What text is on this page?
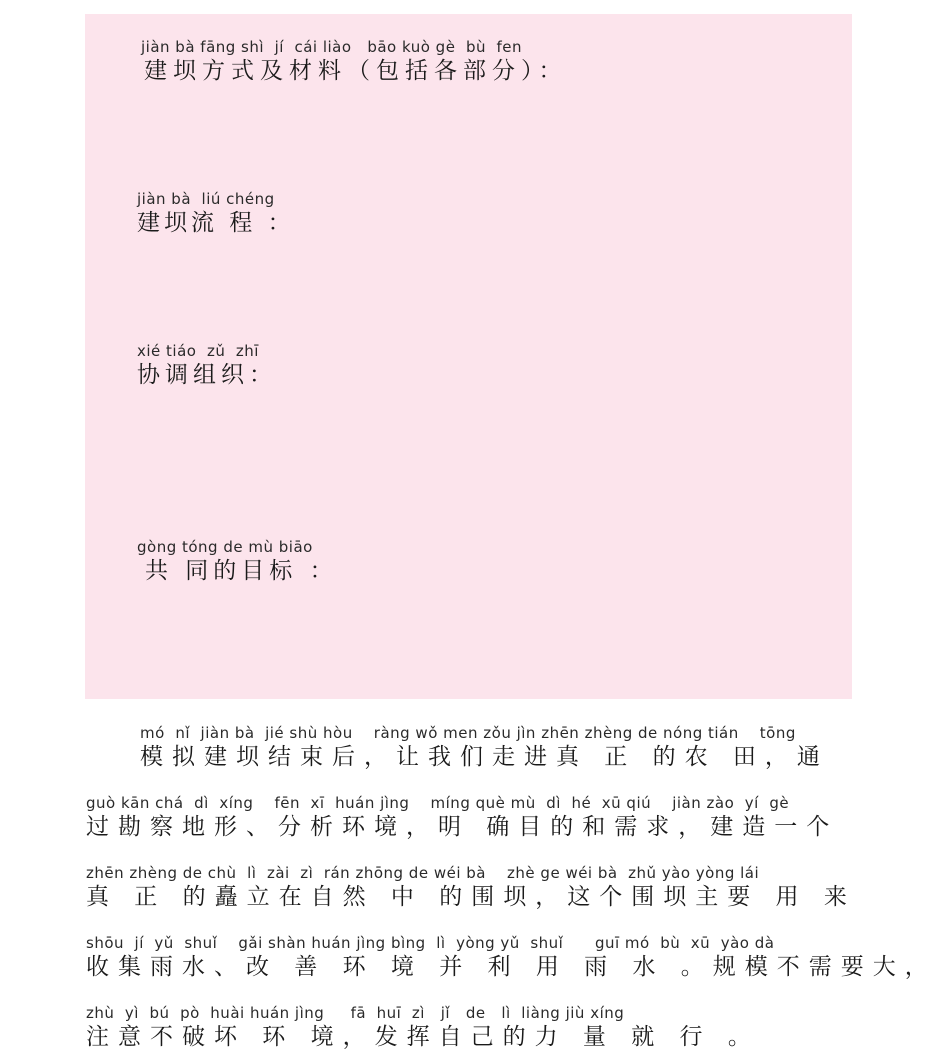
jiàn bà fāng shì  jí  cái liào   bāo kuò gè  bù  fen
建坝方式及材料（包括各部分）：
jiàn bà  liú chéng
建坝流 程 ：
xié tiáo  zǔ  zhī
协调组织：
gòng tóng de mù biāo
共 同的目标 ：
mó  nǐ  jiàn bà  jié shù hòu    ràng wǒ men zǒu jìn zhēn zhèng de nóng tián    tōng
模拟建坝结束后，让我们走进真 正 的农 田，通
guò kān chá  dì  xíng    fēn  xī  huán jìng    míng què mù  dì  hé  xū qiú    jiàn zào  yí  gè
过勘察地形、分析环境，明 确目的和需求，建造一个
zhēn zhèng de chù  lì  zài  zì  rán zhōng de wéi bà    zhè ge wéi bà  zhǔ yào yòng lái
真 正 的矗立在自然 中 的围坝，这个围坝主要 用 来
shōu  jí  yǔ  shuǐ    gǎi shàn huán jìng bìng  lì  yòng yǔ  shuǐ      guī mó  bù  xū  yào dà
收集雨水、改 善 环 境 并 利 用 雨 水 。规模不需要大，
zhù  yì  bú  pò  huài huán jìng     fā  huī  zì   jǐ   de   lì  liàng jiù xíng
注意不破坏 环 境，发挥自己的力 量 就 行 。
